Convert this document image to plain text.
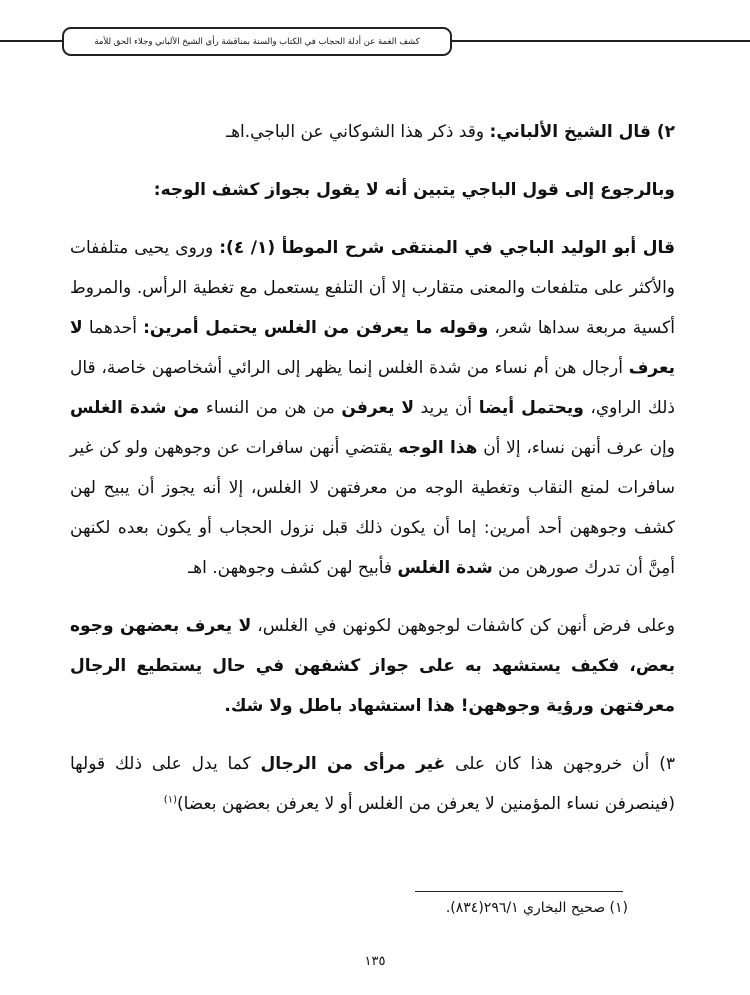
كشف الغمة عن أدلة الحجاب في الكتاب والسنة بمناقشة رأي الشيخ الألباني وجلاء الحق للأمة

٢) قال الشيخ الألباني: وقد ذكر هذا الشوكاني عن الباجي.اهـ

وبالرجوع إلى قول الباجي يتبين أنه لا يقول بجواز كشف الوجه:

قال أبو الوليد الباجي في المنتقى شرح الموطأ (١/ ٤): وروى يحيى متلففات والأكثر على متلفعات والمعنى متقارب إلا أن التلفع يستعمل مع تغطية الرأس. والمروط أكسية مربعة سداها شعر، وقوله ما يعرفن من الغلس يحتمل أمرين: أحدهما لا يعرف أرجال هن أم نساء من شدة الغلس إنما يظهر إلى الرائي أشخاصهن خاصة، قال ذلك الراوي، ويحتمل أيضا أن يريد لا يعرفن من هن من النساء من شدة الغلس وإن عرف أنهن نساء، إلا أن هذا الوجه يقتضي أنهن سافرات عن وجوههن ولو كن غير سافرات لمنع النقاب وتغطية الوجه من معرفتهن لا الغلس، إلا أنه يجوز أن يبيح لهن كشف وجوههن أحد أمرين: إما أن يكون ذلك قبل نزول الحجاب أو يكون بعده لكنهن أمِنَّ أن تدرك صورهن من شدة الغلس فأبيح لهن كشف وجوههن. اهـ

وعلى فرض أنهن كن كاشفات لوجوههن لكونهن في الغلس، لا يعرف بعضهن وجوه بعض، فكيف يستشهد به على جواز كشفهن في حال يستطيع الرجال معرفتهن ورؤية وجوههن! هذا استشهاد باطل ولا شك.

٣) أن خروجهن هذا كان على غير مرأى من الرجال كما يدل على ذلك قولها (فينصرفن نساء المؤمنين لا يعرفن من الغلس أو لا يعرفن بعضهن بعضا)$^{(١)}$

(١) صحيح البخاري ٢٩٦/١(٨٣٤).
١٣٥
